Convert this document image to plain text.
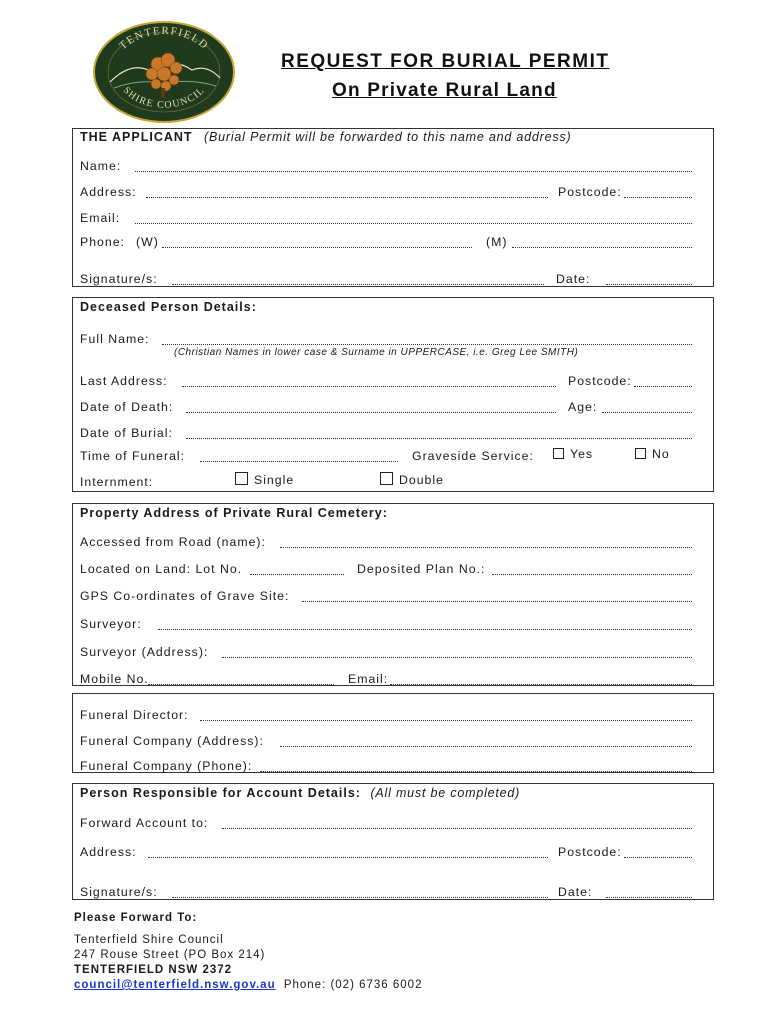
TENTERFIELD
SHIRE COUNCIL
REQUEST FOR BURIAL PERMIT
On Private Rural Land
THE APPLICANT (Burial Permit will be forwarded to this name and address)
Name:
Address:	Postcode:
Email:
Phone: (W)	(M)
Signature/s:	Date:
Deceased Person Details:
Full Name:
(Christian Names in lower case & Surname in UPPERCASE, i.e. Greg Lee SMITH)
Last Address:	Postcode:
Date of Death:	Age:
Date of Burial:
Time of Funeral:	Graveside Service:	Yes	No
Internment:	Single	Double
Property Address of Private Rural Cemetery:
Accessed from Road (name):
Located on Land: Lot No.	Deposited Plan No.:
GPS Co-ordinates of Grave Site:
Surveyor:
Surveyor (Address):
Mobile No.	Email:
Funeral Director:
Funeral Company (Address):
Funeral Company (Phone):
Person Responsible for Account Details: (All must be completed)
Forward Account to:
Address:	Postcode:
Signature/s:	Date:
Please Forward To:
Tenterfield Shire Council
247 Rouse Street (PO Box 214)
TENTERFIELD NSW 2372
council@tenterfield.nsw.gov.au Phone: (02) 6736 6002
